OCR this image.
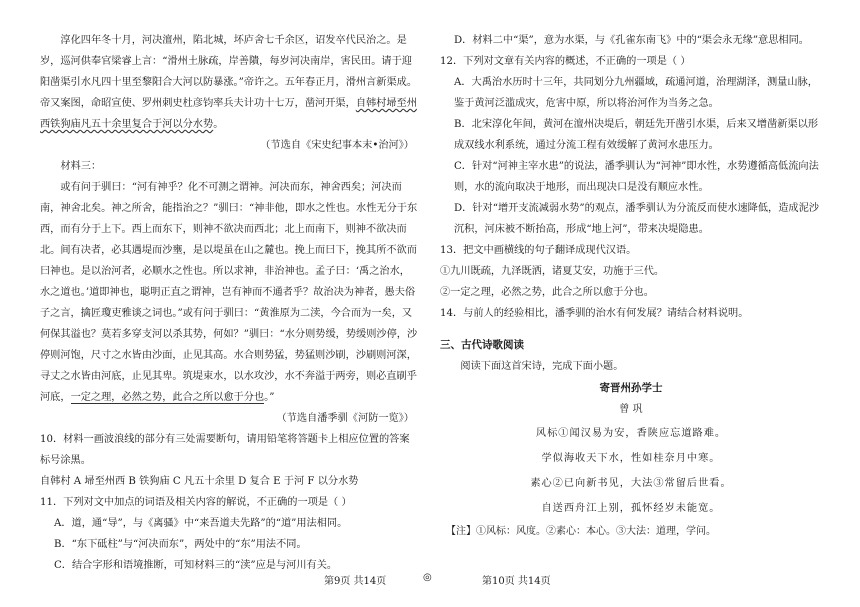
淳化四年冬十月，河决澶州，陷北城，坏庐舍七千余区，诏发卒代民治之。是岁，巡河供奉官梁睿上言：“滑州土脉疏，岸善隤，每岁河决南岸，害民田。请于迎阳凿渠引水凡四十里至黎阳合大河以防暴涨。”帝许之。五年春正月，滑州言新渠成。帝又案图，命昭宣使、罗州刺史杜彦钧率兵夫计功十七万，凿河开渠，自韩村埽至州西铁狗庙凡五十余里复合于河以分水势。

（节选自《宋史纪事本末•治河》）

材料三：

或有问于驯曰：“河有神乎？化不可测之谓神。河决而东，神舍西矣；河决而南，神舍北矣。神之所舍，能指治之？”驯曰：“神非他，即水之性也。水性无分于东西，而有分于上下。西上而东下，则神不欲决而西北；北上而南下，则神不欲决而北。间有决者，必其遇堤而沙壅，是以堤虽在山之麓也。挽上而曰下，挽其所不欲而曰神也。是以治河者，必顺水之性也。所以求神，非治神也。孟子曰：‘禹之治水，水之道也。’道即神也，聪明正直之谓神，岂有神而不通者乎？故治决为神者，愚夫俗子之言，擒匠瓊吏雅谈之词也。”或有问于驯曰：“黄淮原为二渎，今合而为一矣，又何保其溢也？莫若多穿支河以杀其势，何如？”驯曰：“水分则势缓，势缓则沙停，沙停则河饱，尺寸之水皆由沙面，止见其高。水合则势猛，势猛则沙刷，沙刷则河深，寻丈之水皆由河底，止见其卑。筑堤束水，以水攻沙，水不奔溢于两旁，则必直刷乎河底，一定之理，必然之势，此合之所以愈于分也。”

（节选自潘季驯《河防一览》）

10．材料一画波浪线的部分有三处需要断句，请用铅笔将答题卡上相应位置的答案标号涂黑。

自韩村 A 埽至州西 B 铁狗庙 C 凡五十余里 D 复合 E 于河 F 以分水势

11．下列对文中加点的词语及相关内容的解说，不正确的一项是（ ）

A．道，通“导”，与《离骚》中“来吾道夫先路”的“道”用法相同。

B．“东下砥柱”与“河决而东”，两处中的“东”用法不同。

C．结合字形和语境推断，可知材料三的“渎”应是与河川有关。

D．材料二中“渠”，意为水渠，与《孔雀东南飞》中的“渠会永无缘”意思相同。

12．下列对文章有关内容的概述，不正确的一项是（ ）

A．大禹治水历时十三年，共同划分九州疆域，疏通河道，治理湖泽，测量山脉，鉴于黄河泛滥成灾，危害中原，所以将治河作为当务之急。

B．北宋淳化年间，黄河在澶州决堤后，朝廷先开凿引水渠，后来又增凿新渠以形成双线水利系统，通过分流工程有效缓解了黄河水患压力。

C．针对“河神主宰水患”的说法，潘季驯认为“河神”即水性，水势遵循高低流向法则，水的流向取决于地形，而出现决口是没有顺应水性。

D．针对“增开支流减弱水势”的观点，潘季驯认为分流反而使水速降低，造成泥沙沉积，河床被不断抬高，形成“地上河”，带来决堤隐患。

13．把文中画横线的句子翻译成现代汉语。

①九川既疏，九泽既洒，诸夏艾安，功施于三代。

②一定之理，必然之势，此合之所以愈于分也。

14．与前人的经验相比，潘季驯的治水有何发展？请结合材料说明。

三、古代诗歌阅读

阅读下面这首宋诗，完成下面小题。

寄晋州孙学士

曾 巩

风标①闻汉易为安，香陕应忘道路难。

学似海收天下水，性如桂奈月中寒。

素心②已向新书见，大法③常留后世看。

自送西舟江上别，孤怀经岁未能宽。

【注】①风标：风度。②素心：本心。③大法：道理，学问。

第9页 共14页	◎	第10页 共14页
